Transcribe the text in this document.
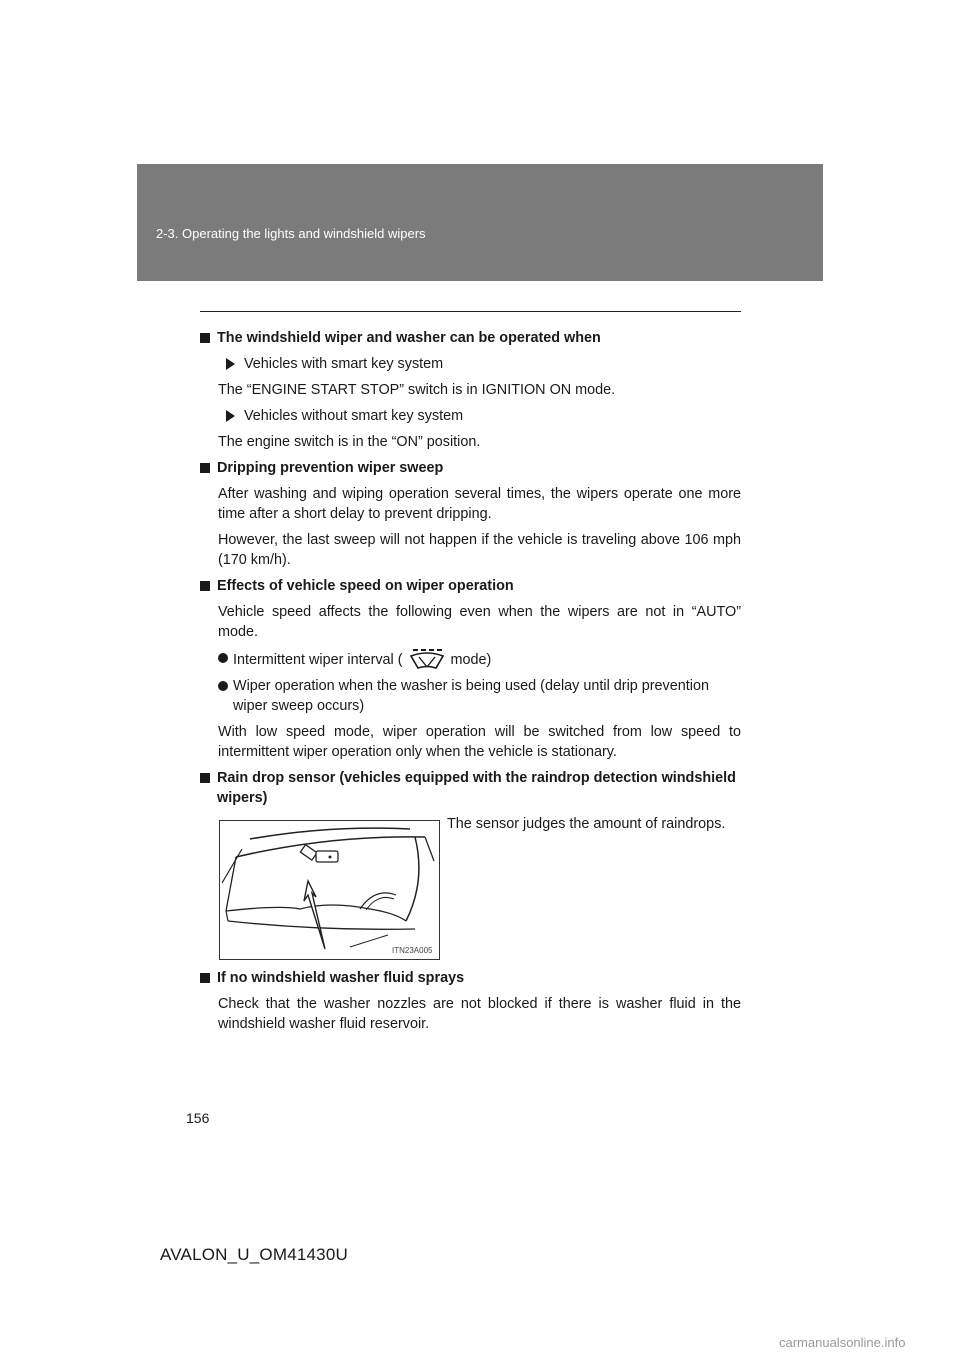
2-3. Operating the lights and windshield wipers
The windshield wiper and washer can be operated when
Vehicles with smart key system
The “ENGINE START STOP” switch is in IGNITION ON mode.
Vehicles without smart key system
The engine switch is in the “ON” position.
Dripping prevention wiper sweep
After washing and wiping operation several times, the wipers operate one more time after a short delay to prevent dripping.
However, the last sweep will not happen if the vehicle is traveling above 106 mph (170 km/h).
Effects of vehicle speed on wiper operation
Vehicle speed affects the following even when the wipers are not in “AUTO” mode.
Intermittent wiper interval (	mode)
Wiper operation when the washer is being used (delay until drip prevention wiper sweep occurs)
With low speed mode, wiper operation will be switched from low speed to intermittent wiper operation only when the vehicle is stationary.
Rain drop sensor (vehicles equipped with the raindrop detection windshield wipers)
ITN23A005
The sensor judges the amount of raindrops.
If no windshield washer fluid sprays
Check that the washer nozzles are not blocked if there is washer fluid in the windshield washer fluid reservoir.
156
AVALON_U_OM41430U
carmanualsonline.info
